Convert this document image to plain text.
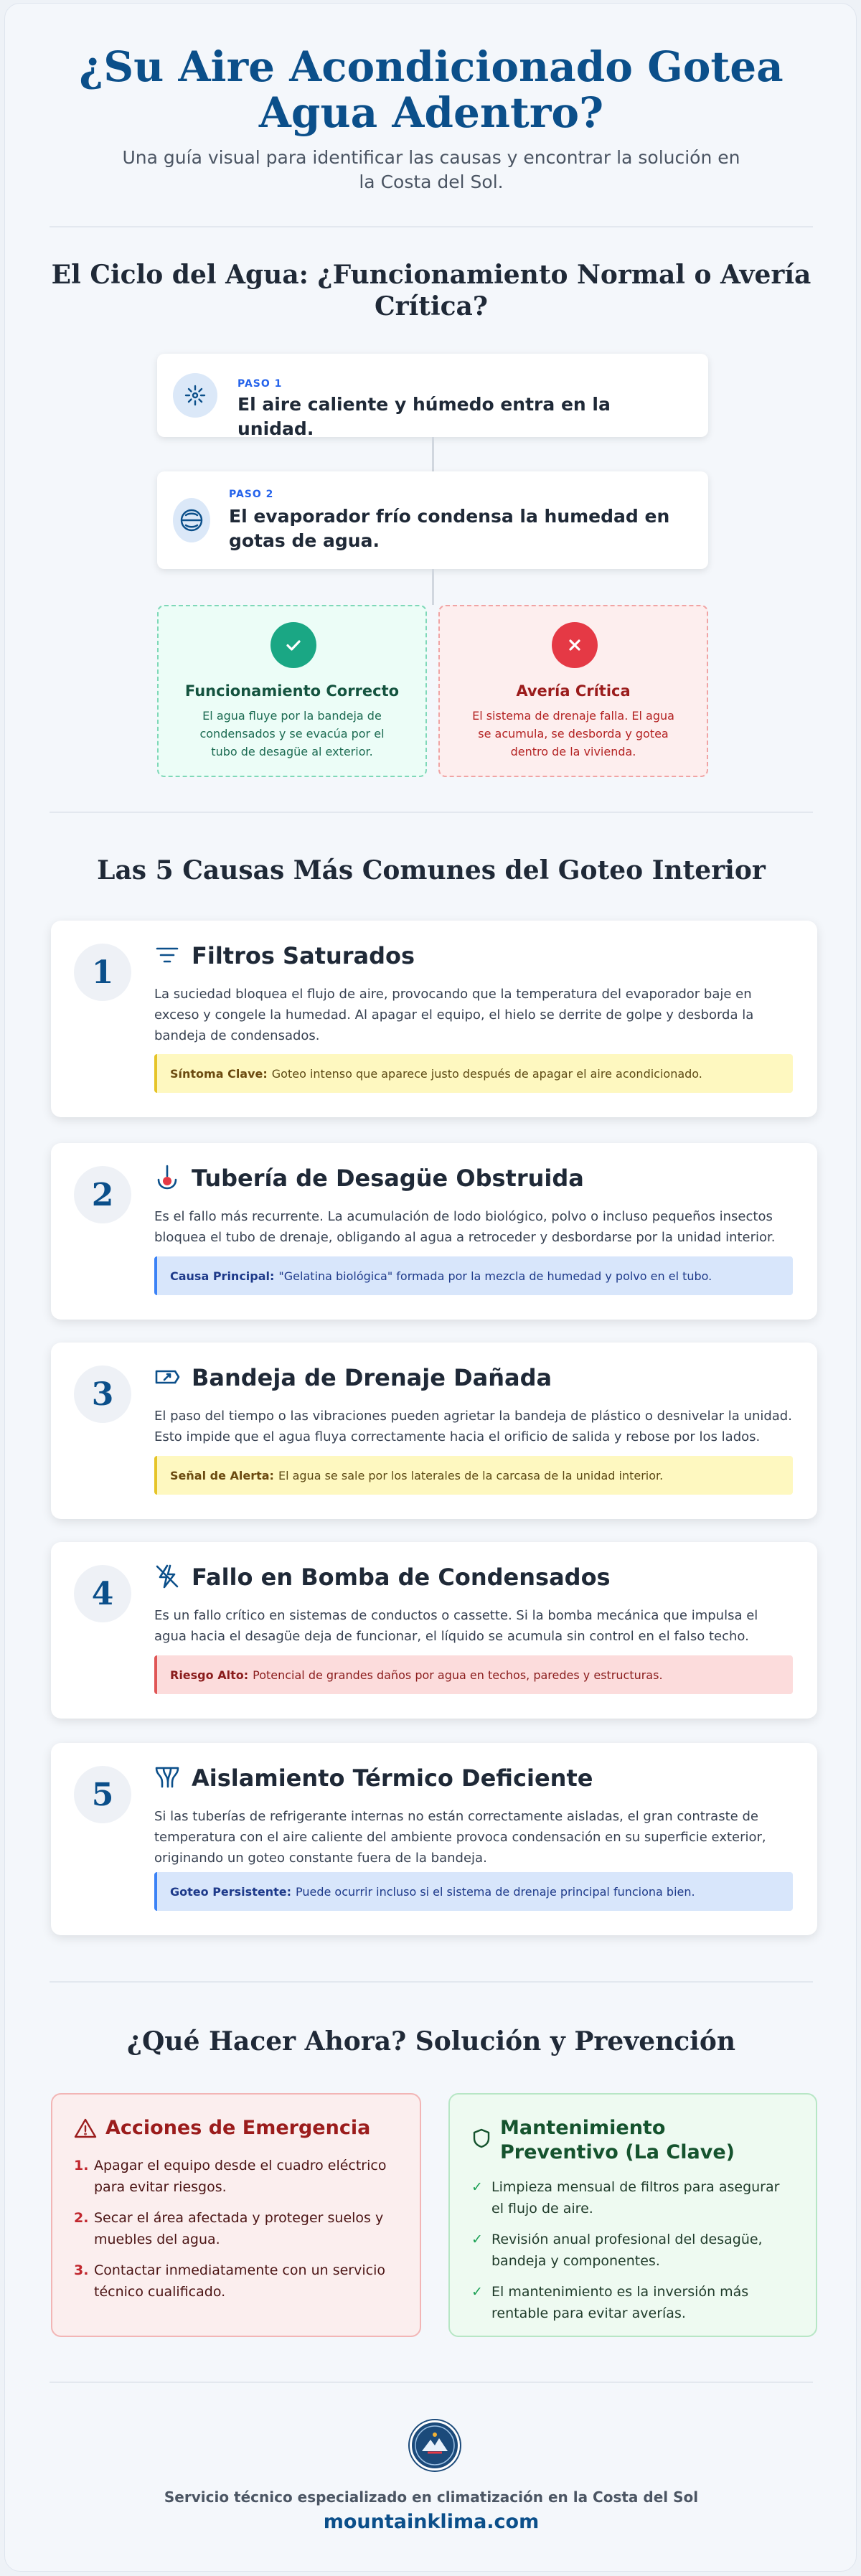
¿Su Aire Acondicionado Gotea Agua Adentro?

Una guía visual para identificar las causas y encontrar la solución en la Costa del Sol.

El Ciclo del Agua: ¿Funcionamiento Normal o Avería Crítica?
PASO 1
El aire caliente y húmedo entra en la unidad.
PASO 2
El evaporador frío condensa la humedad en gotas de agua.
Funcionamiento Correcto
El agua fluye por la bandeja de condensados y se evacúa por el tubo de desagüe al exterior.
Avería Crítica
El sistema de drenaje falla. El agua se acumula, se desborda y gotea dentro de la vivienda.
Las 5 Causas Más Comunes del Goteo Interior
1	Filtros Saturados
La suciedad bloquea el flujo de aire, provocando que la temperatura del evaporador baje en exceso y congele la humedad. Al apagar el equipo, el hielo se derrite de golpe y desborda la bandeja de condensados.
Síntoma Clave: Goteo intenso que aparece justo después de apagar el aire acondicionado.
2	Tubería de Desagüe Obstruida
Es el fallo más recurrente. La acumulación de lodo biológico, polvo o incluso pequeños insectos bloquea el tubo de drenaje, obligando al agua a retroceder y desbordarse por la unidad interior.
Causa Principal: "Gelatina biológica" formada por la mezcla de humedad y polvo en el tubo.
3	Bandeja de Drenaje Dañada
El paso del tiempo o las vibraciones pueden agrietar la bandeja de plástico o desnivelar la unidad. Esto impide que el agua fluya correctamente hacia el orificio de salida y rebose por los lados.
Señal de Alerta: El agua se sale por los laterales de la carcasa de la unidad interior.
4	Fallo en Bomba de Condensados
Es un fallo crítico en sistemas de conductos o cassette. Si la bomba mecánica que impulsa el agua hacia el desagüe deja de funcionar, el líquido se acumula sin control en el falso techo.
Riesgo Alto: Potencial de grandes daños por agua en techos, paredes y estructuras.
5	Aislamiento Térmico Deficiente
Si las tuberías de refrigerante internas no están correctamente aisladas, el gran contraste de temperatura con el aire caliente del ambiente provoca condensación en su superficie exterior, originando un goteo constante fuera de la bandeja.
Goteo Persistente: Puede ocurrir incluso si el sistema de drenaje principal funciona bien.
¿Qué Hacer Ahora? Solución y Prevención
Acciones de Emergencia
1. Apagar el equipo desde el cuadro eléctrico para evitar riesgos.
2. Secar el área afectada y proteger suelos y muebles del agua.
3. Contactar inmediatamente con un servicio técnico cualificado.
Mantenimiento Preventivo (La Clave)
✓ Limpieza mensual de filtros para asegurar el flujo de aire.
✓ Revisión anual profesional del desagüe, bandeja y componentes.
✓ El mantenimiento es la inversión más rentable para evitar averías.
Servicio técnico especializado en climatización en la Costa del Sol
mountainklima.com
